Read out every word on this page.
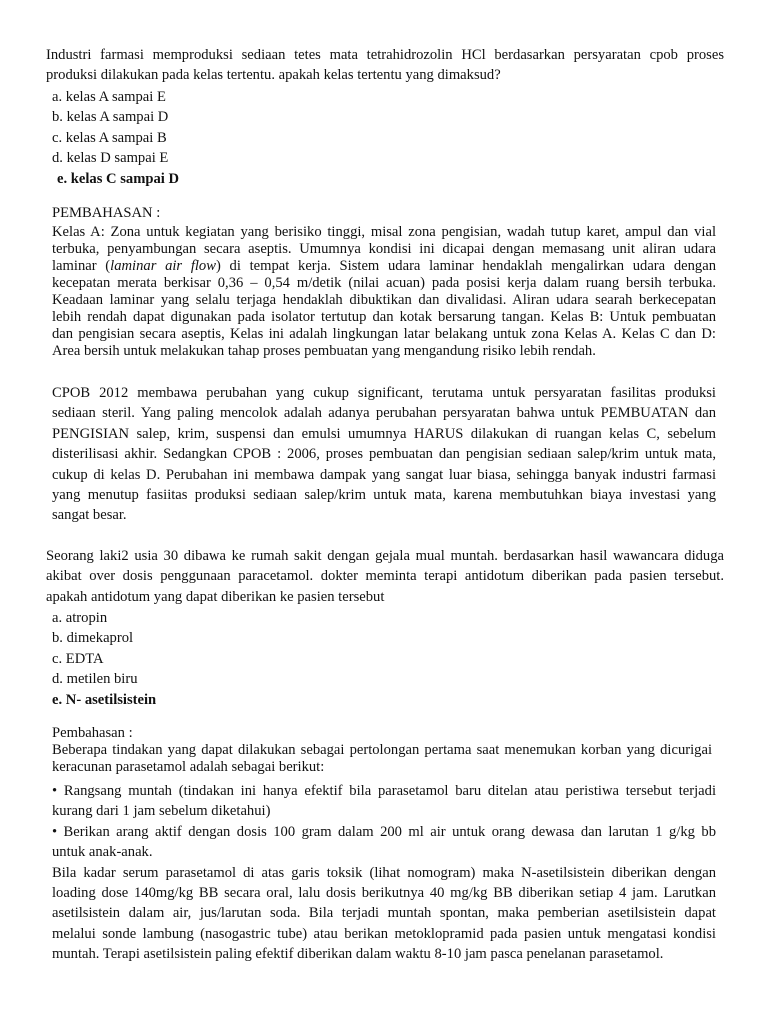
Industri farmasi memproduksi sediaan tetes mata tetrahidrozolin HCl berdasarkan persyaratan cpob proses
produksi dilakukan pada kelas tertentu. apakah kelas tertentu yang dimaksud?
a. kelas A sampai E
b. kelas A sampai D
c. kelas A sampai B
d. kelas D sampai E
e. kelas C sampai D
PEMBAHASAN :
Kelas A: Zona untuk kegiatan yang berisiko tinggi, misal zona pengisian, wadah tutup karet, ampul dan vial
terbuka, penyambungan secara aseptis. Umumnya kondisi ini dicapai dengan memasang unit aliran udara
laminar (laminar air flow) di tempat kerja. Sistem udara laminar hendaklah mengalirkan udara dengan
kecepatan merata berkisar 0,36 – 0,54 m/detik (nilai acuan) pada posisi kerja dalam ruang bersih terbuka.
Keadaan laminar yang selalu terjaga hendaklah dibuktikan dan divalidasi. Aliran udara searah berkecepatan
lebih rendah dapat digunakan pada isolator tertutup dan kotak bersarung tangan. Kelas B: Untuk pembuatan
dan pengisian secara aseptis, Kelas ini adalah lingkungan latar belakang untuk zona Kelas A. Kelas C dan D:
Area bersih untuk melakukan tahap proses pembuatan yang mengandung risiko lebih rendah.
CPOB 2012 membawa perubahan yang cukup significant, terutama untuk persyaratan fasilitas produksi
sediaan steril. Yang paling mencolok adalah adanya perubahan persyaratan bahwa untuk PEMBUATAN dan
PENGISIAN salep, krim, suspensi dan emulsi umumnya HARUS dilakukan di ruangan kelas C, sebelum
disterilisasi akhir. Sedangkan CPOB : 2006, proses pembuatan dan pengisian sediaan salep/krim untuk mata,
cukup di kelas D. Perubahan ini membawa dampak yang sangat luar biasa, sehingga banyak industri farmasi
yang menutup fasiitas produksi sediaan salep/krim untuk mata, karena membutuhkan biaya investasi yang
sangat besar.
Seorang laki2 usia 30 dibawa ke rumah sakit dengan gejala mual muntah. berdasarkan hasil wawancara diduga
akibat over dosis penggunaan paracetamol. dokter meminta terapi antidotum diberikan pada pasien tersebut.
apakah antidotum yang dapat diberikan ke pasien tersebut
a. atropin
b. dimekaprol
c. EDTA
d. metilen biru
e. N- asetilsistein
Pembahasan :
Beberapa tindakan yang dapat dilakukan sebagai pertolongan pertama saat menemukan korban yang dicurigai
keracunan parasetamol adalah sebagai berikut:
• Rangsang muntah (tindakan ini hanya efektif bila parasetamol baru ditelan atau peristiwa tersebut terjadi
kurang dari 1 jam sebelum diketahui)
• Berikan arang aktif dengan dosis 100 gram dalam 200 ml air untuk orang dewasa dan larutan 1 g/kg bb
untuk anak-anak.
Bila kadar serum parasetamol di atas garis toksik (lihat nomogram) maka N-asetilsistein diberikan dengan
loading dose 140mg/kg BB secara oral, lalu dosis berikutnya 40 mg/kg BB diberikan setiap 4 jam. Larutkan
asetilsistein dalam air, jus/larutan soda. Bila terjadi muntah spontan, maka pemberian asetilsistein dapat
melalui sonde lambung (nasogastric tube) atau berikan metoklopramid pada pasien untuk mengatasi kondisi
muntah. Terapi asetilsistein paling efektif diberikan dalam waktu 8-10 jam pasca penelanan parasetamol.
